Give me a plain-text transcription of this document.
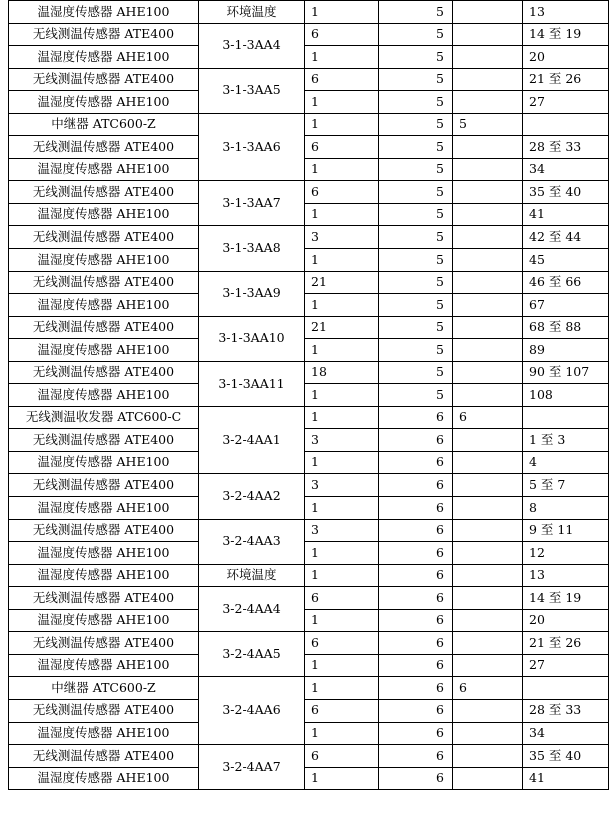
温湿度传感器 AHE100	环境温度	1	5		13
无线测温传感器 ATE400	3-1-3AA4	6	5		14 至 19
温湿度传感器 AHE100		1	5		20
无线测温传感器 ATE400	3-1-3AA5	6	5		21 至 26
温湿度传感器 AHE100		1	5		27
中继器 ATC600-Z	3-1-3AA6	1	5	5	
无线测温传感器 ATE400		6	5		28 至 33
温湿度传感器 AHE100		1	5		34
无线测温传感器 ATE400	3-1-3AA7	6	5		35 至 40
温湿度传感器 AHE100		1	5		41
无线测温传感器 ATE400	3-1-3AA8	3	5		42 至 44
温湿度传感器 AHE100		1	5		45
无线测温传感器 ATE400	3-1-3AA9	21	5		46 至 66
温湿度传感器 AHE100		1	5		67
无线测温传感器 ATE400	3-1-3AA10	21	5		68 至 88
温湿度传感器 AHE100		1	5		89
无线测温传感器 ATE400	3-1-3AA11	18	5		90 至 107
温湿度传感器 AHE100		1	5		108
无线测温收发器 ATC600-C	3-2-4AA1	1	6	6	
无线测温传感器 ATE400		3	6		1 至 3
温湿度传感器 AHE100		1	6		4
无线测温传感器 ATE400	3-2-4AA2	3	6		5 至 7
温湿度传感器 AHE100		1	6		8
无线测温传感器 ATE400	3-2-4AA3	3	6		9 至 11
温湿度传感器 AHE100		1	6		12
温湿度传感器 AHE100	环境温度	1	6		13
无线测温传感器 ATE400	3-2-4AA4	6	6		14 至 19
温湿度传感器 AHE100		1	6		20
无线测温传感器 ATE400	3-2-4AA5	6	6		21 至 26
温湿度传感器 AHE100		1	6		27
中继器 ATC600-Z	3-2-4AA6	1	6	6	
无线测温传感器 ATE400		6	6		28 至 33
温湿度传感器 AHE100		1	6		34
无线测温传感器 ATE400	3-2-4AA7	6	6		35 至 40
温湿度传感器 AHE100		1	6		41
